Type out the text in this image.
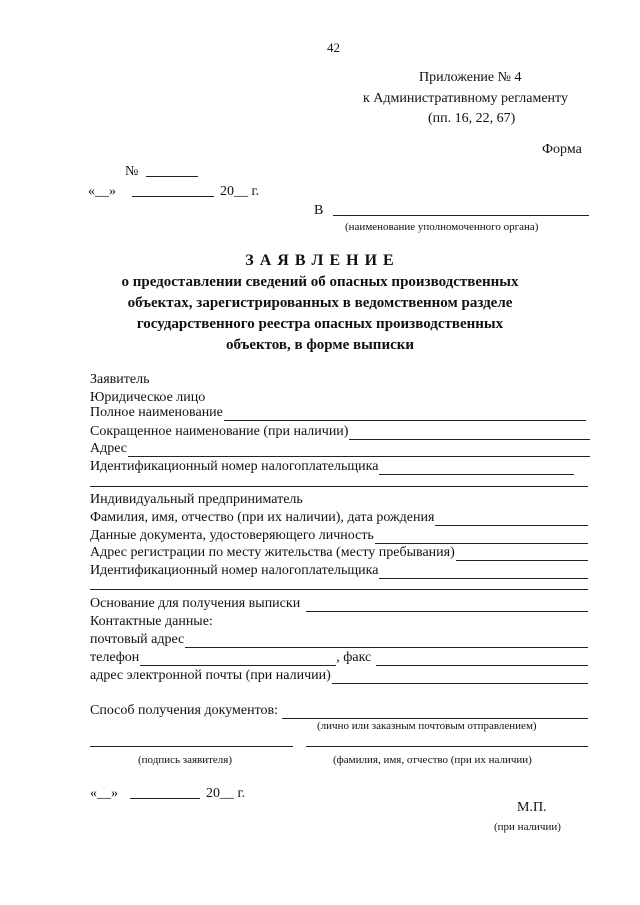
42
Приложение № 4
к Административному регламенту
(пп. 16, 22, 67)
Форма
№
«__»	20__ г.
В
(наименование уполномоченного органа)
З А Я В Л Е Н И Е
о предоставлении сведений об опасных производственных
объектах, зарегистрированных в ведомственном разделе
государственного реестра опасных производственных
объектов, в форме выписки
Заявитель
Юридическое лицо
Полное наименование
Сокращенное наименование (при наличии)
Адрес
Идентификационный номер налогоплательщика
Индивидуальный предприниматель
Фамилия, имя, отчество (при их наличии), дата рождения
Данные документа, удостоверяющего личность
Адрес регистрации по месту жительства (месту пребывания)
Идентификационный номер налогоплательщика
Основание для получения выписки
Контактные данные:
почтовый адрес
телефон	, факс
адрес электронной почты (при наличии)
Способ получения документов:
(лично или заказным почтовым отправлением)
(подпись заявителя)	(фамилия, имя, отчество (при их наличии)
«__»	20__ г.
М.П.
(при наличии)
